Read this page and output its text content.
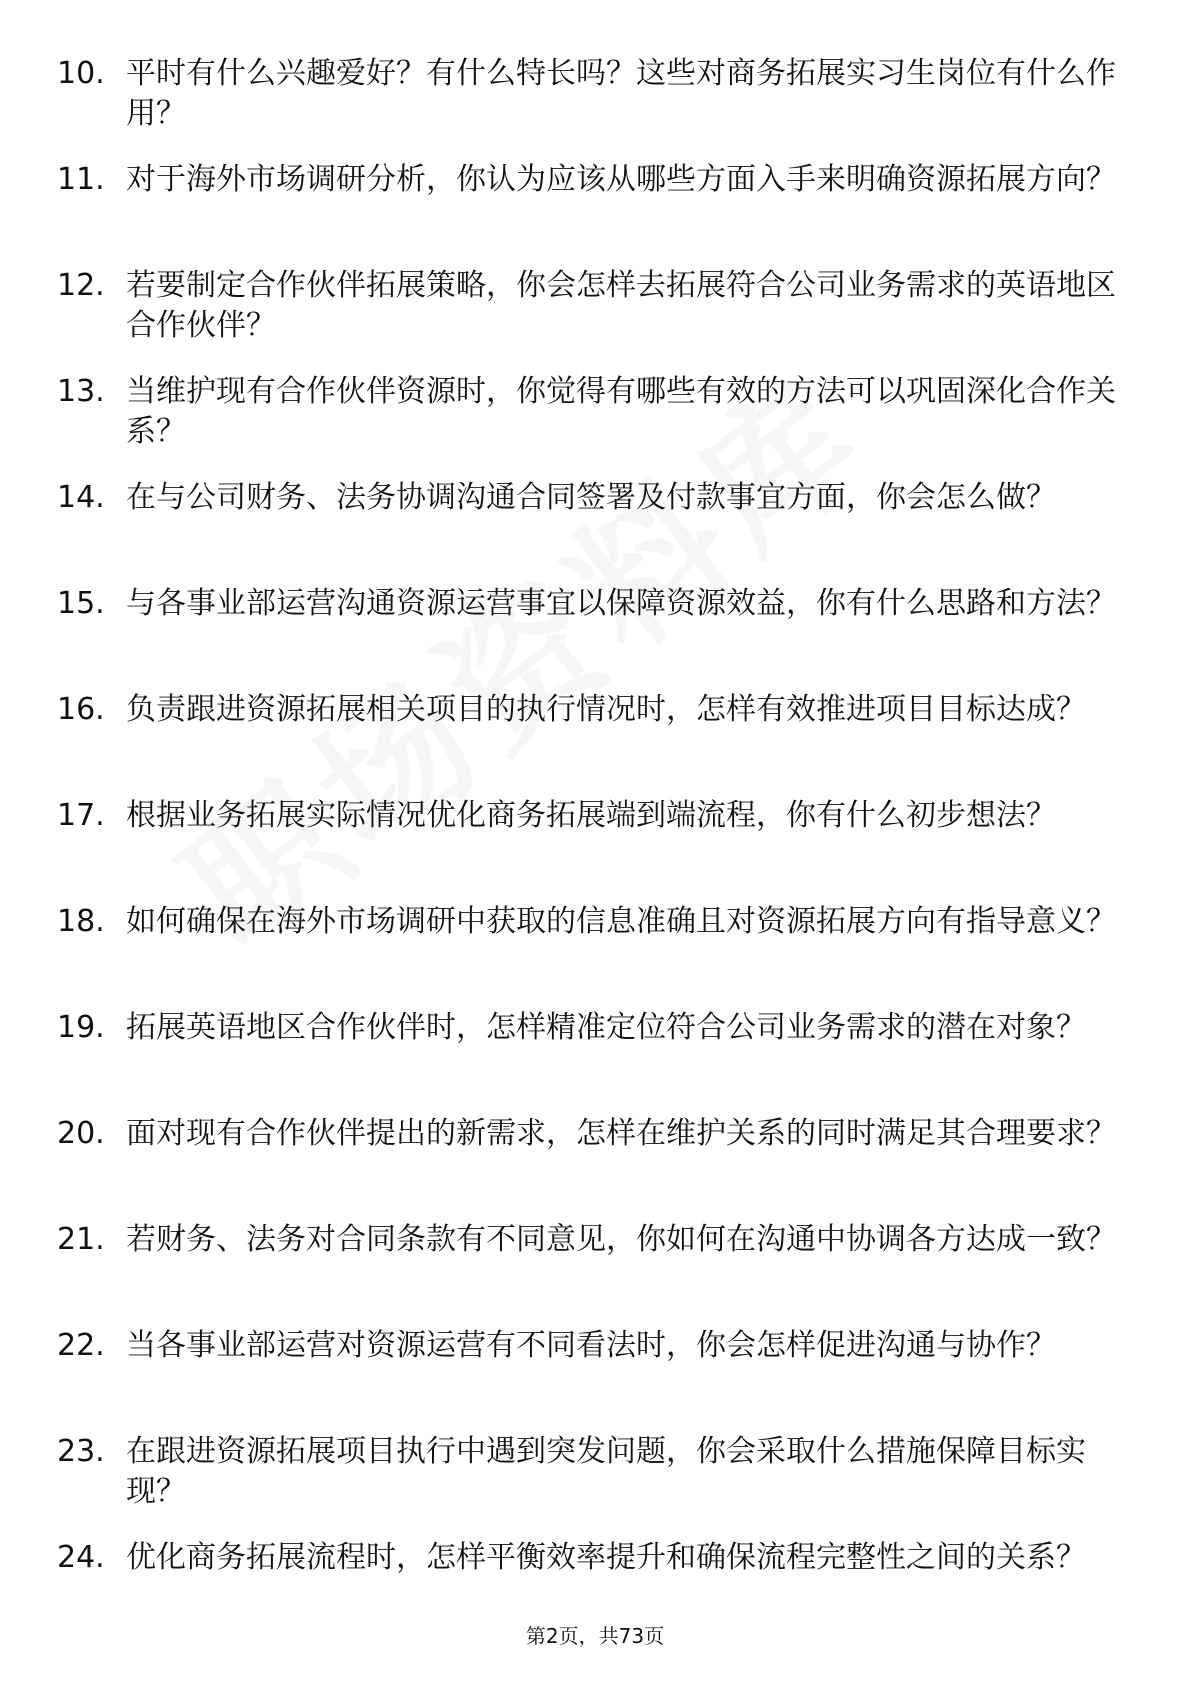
10. 平时有什么兴趣爱好？有什么特长吗？这些对商务拓展实习生岗位有什么作用？
11. 对于海外市场调研分析，你认为应该从哪些方面入手来明确资源拓展方向？
12. 若要制定合作伙伴拓展策略，你会怎样去拓展符合公司业务需求的英语地区合作伙伴？
13. 当维护现有合作伙伴资源时，你觉得有哪些有效的方法可以巩固深化合作关系？
14. 在与公司财务、法务协调沟通合同签署及付款事宜方面，你会怎么做？
15. 与各事业部运营沟通资源运营事宜以保障资源效益，你有什么思路和方法？
16. 负责跟进资源拓展相关项目的执行情况时，怎样有效推进项目目标达成？
17. 根据业务拓展实际情况优化商务拓展端到端流程，你有什么初步想法？
18. 如何确保在海外市场调研中获取的信息准确且对资源拓展方向有指导意义？
19. 拓展英语地区合作伙伴时，怎样精准定位符合公司业务需求的潜在对象？
20. 面对现有合作伙伴提出的新需求，怎样在维护关系的同时满足其合理要求？
21. 若财务、法务对合同条款有不同意见，你如何在沟通中协调各方达成一致？
22. 当各事业部运营对资源运营有不同看法时，你会怎样促进沟通与协作？
23. 在跟进资源拓展项目执行中遇到突发问题，你会采取什么措施保障目标实现？
24. 优化商务拓展流程时，怎样平衡效率提升和确保流程完整性之间的关系？
第2页，共73页
